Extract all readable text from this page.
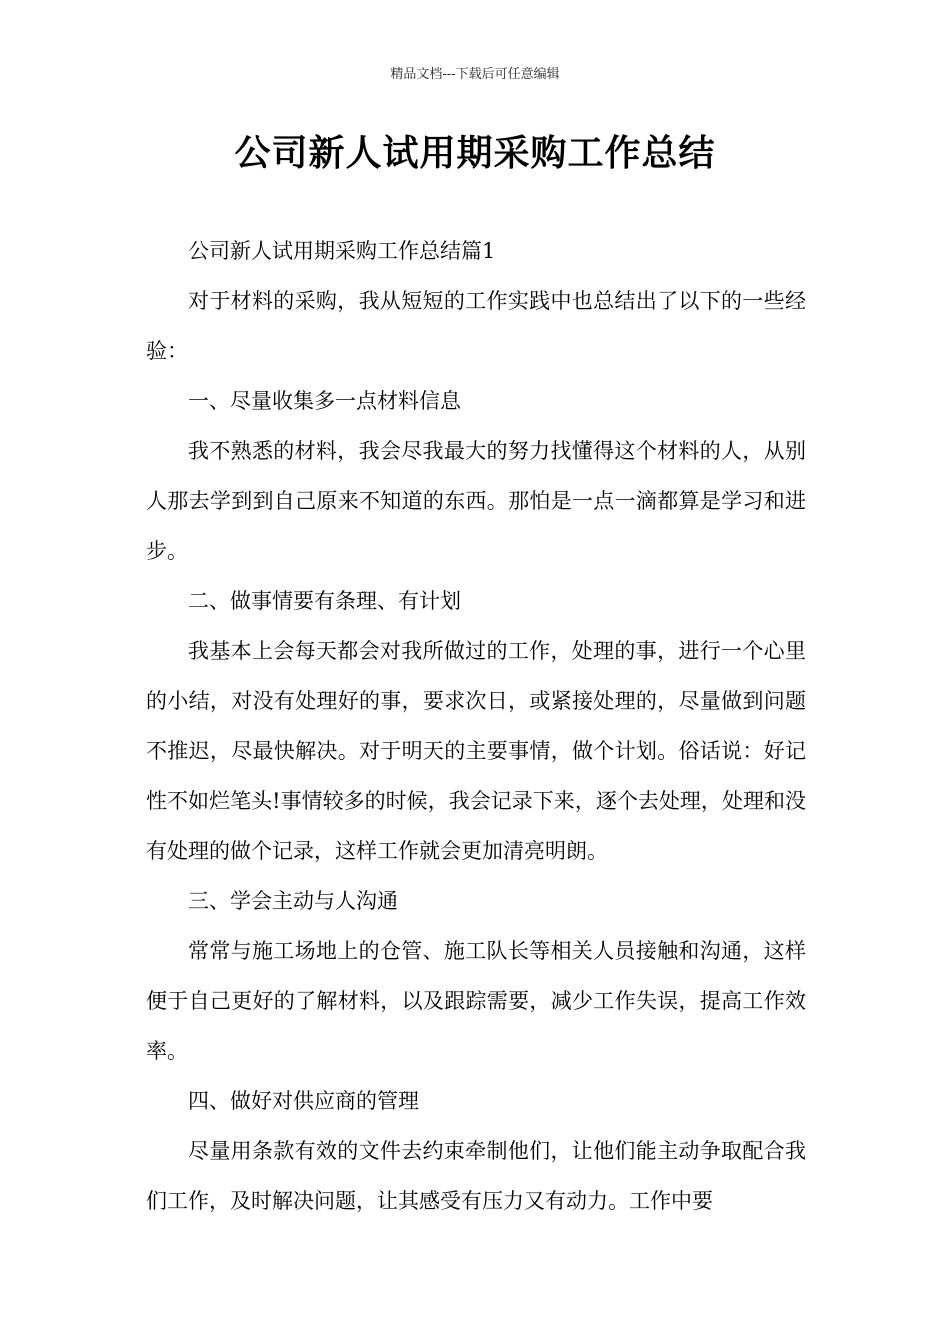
精品文档---下载后可任意编辑
公司新人试用期采购工作总结

公司新人试用期采购工作总结篇1

对于材料的采购，我从短短的工作实践中也总结出了以下的一些经验：

一、尽量收集多一点材料信息

我不熟悉的材料，我会尽我最大的努力找懂得这个材料的人，从别人那去学到到自己原来不知道的东西。那怕是一点一滴都算是学习和进步。

二、做事情要有条理、有计划

我基本上会每天都会对我所做过的工作，处理的事，进行一个心里的小结，对没有处理好的事，要求次日，或紧接处理的，尽量做到问题不推迟，尽最快解决。对于明天的主要事情，做个计划。俗话说：好记性不如烂笔头!事情较多的时候，我会记录下来，逐个去处理，处理和没有处理的做个记录，这样工作就会更加清亮明朗。

三、学会主动与人沟通

常常与施工场地上的仓管、施工队长等相关人员接触和沟通，这样便于自己更好的了解材料，以及跟踪需要，减少工作失误，提高工作效率。

四、做好对供应商的管理

尽量用条款有效的文件去约束牵制他们，让他们能主动争取配合我们工作，及时解决问题，让其感受有压力又有动力。工作中要
